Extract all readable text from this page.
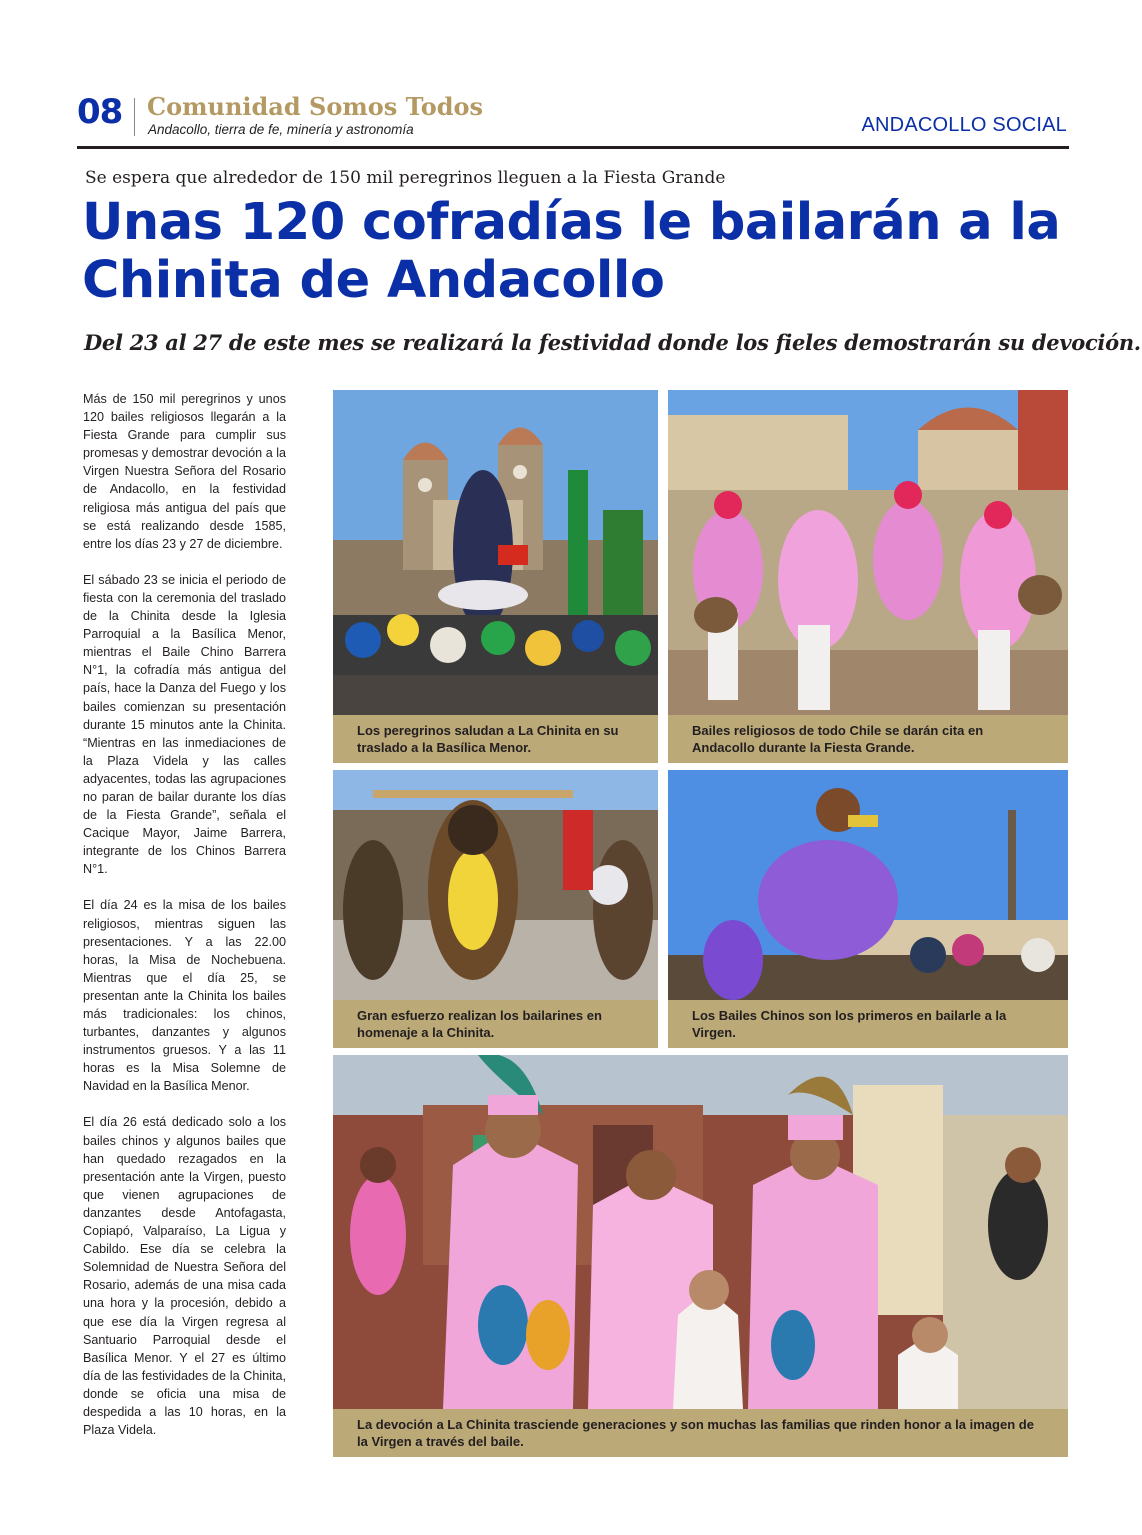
08 Comunidad Somos Todos
Andacollo, tierra de fe, minería y astronomía	ANDACOLLO SOCIAL
Se espera que alrededor de 150 mil peregrinos lleguen a la Fiesta Grande
Unas 120 cofradías le bailarán a la Chinita de Andacollo
Del 23 al 27 de este mes se realizará la festividad donde los fieles demostrarán su devoción.

Más de 150 mil peregrinos y unos 120 bailes religiosos llegarán a la Fiesta Grande para cumplir sus promesas y demostrar devoción a la Virgen Nuestra Señora del Rosario de Andacollo, en la festividad religiosa más antigua del país que se está realizando desde 1585, entre los días 23 y 27 de diciembre.

El sábado 23 se inicia el periodo de fiesta con la ceremonia del traslado de la Chinita desde la Iglesia Parroquial a la Basílica Menor, mientras el Baile Chino Barrera N°1, la cofradía más antigua del país, hace la Danza del Fuego y los bailes comienzan su presentación durante 15 minutos ante la Chinita. “Mientras en las inmediaciones de la Plaza Videla y las calles adyacentes, todas las agrupaciones no paran de bailar durante los días de la Fiesta Grande”, señala el Cacique Mayor, Jaime Barrera, integrante de los Chinos Barrera N°1.

El día 24 es la misa de los bailes religiosos, mientras siguen las presentaciones. Y a las 22.00 horas, la Misa de Nochebuena. Mientras que el día 25, se presentan ante la Chinita los bailes más tradicionales: los chinos, turbantes, danzantes y algunos instrumentos gruesos. Y a las 11 horas es la Misa Solemne de Navidad en la Basílica Menor.

El día 26 está dedicado solo a los bailes chinos y algunos bailes que han quedado rezagados en la presentación ante la Virgen, puesto que vienen agrupaciones de danzantes desde Antofagasta, Copiapó, Valparaíso, La Ligua y Cabildo. Ese día se celebra la Solemnidad de Nuestra Señora del Rosario, además de una misa cada una hora y la procesión, debido a que ese día la Virgen regresa al Santuario Parroquial desde el Basílica Menor. Y el 27 es último día de las festividades de la Chinita, donde se oficia una misa de despedida a las 10 horas, en la Plaza Videla.

Los peregrinos saludan a La Chinita en su traslado a la Basílica Menor.
Bailes religiosos de todo Chile se darán cita en Andacollo durante la Fiesta Grande.
Gran esfuerzo realizan los bailarines en homenaje a la Chinita.
Los Bailes Chinos son los primeros en bailarle a la Virgen.
La devoción a La Chinita trasciende generaciones y son muchas las familias que rinden honor a la imagen de la Virgen a través del baile.
